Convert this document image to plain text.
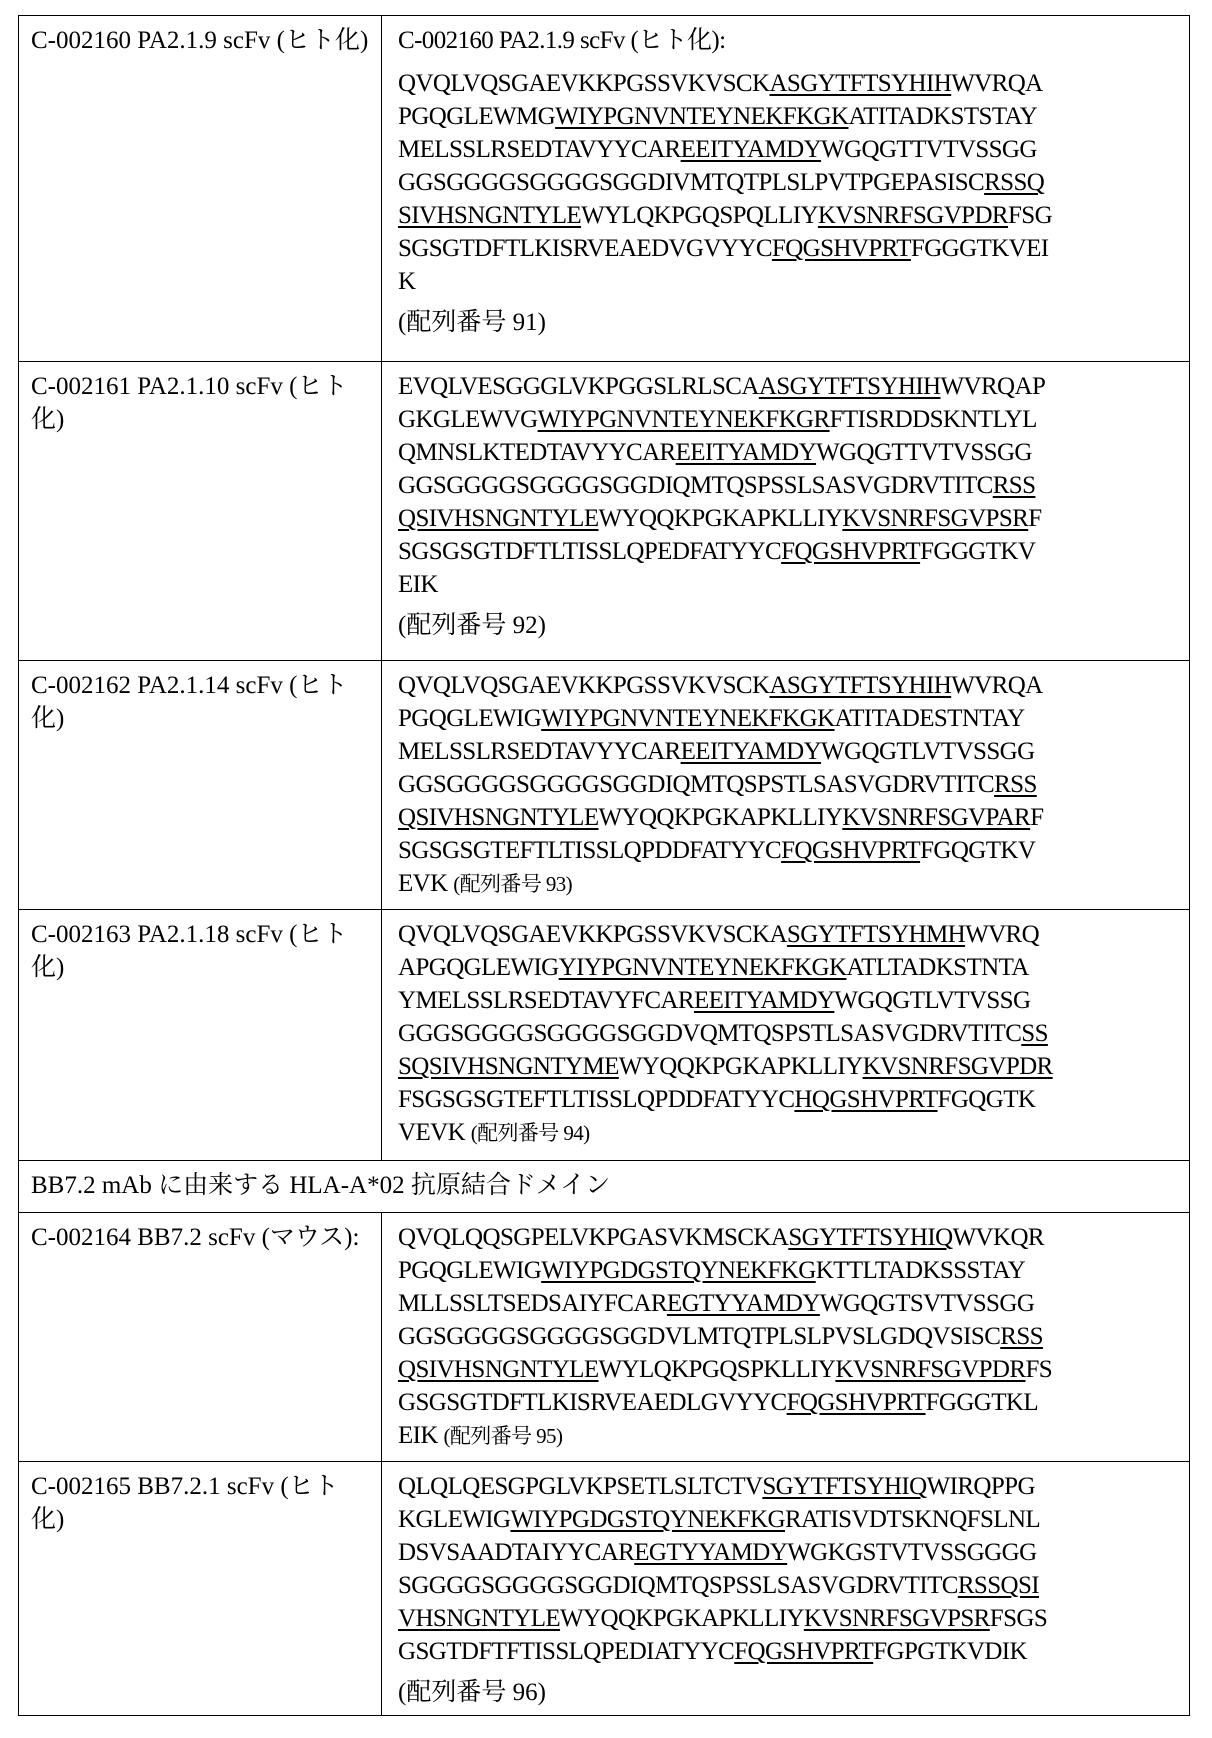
C-002160 PA2.1.9 scFv (ヒト化)	C-002160 PA2.1.9 scFv (ヒト化):
QVQLVQSGAEVKKPGSSVKVSCKASGYTFTSYHIHWVRQA
PGQGLEWMGWIYPGNVNTEYNEKFKGKATITADKSTSTAY
MELSSLRSEDTAVYYCAREEITYAMDYWGQGTTVTVSSGG
GGSGGGGSGGGGSGGDIVMTQTPLSLPVTPGEPASISCRSSQ
SIVHSNGNTYLEWYLQKPGQSPQLLIYKVSNRFSGVPDRFSG
SGSGTDFTLKISRVEAEDVGVYYCFQGSHVPRTFGGGTKVEI
K
(配列番号 91)

C-002161 PA2.1.10 scFv (ヒト化)	
EVQLVESGGGLVKPGGSLRLSCAASGYTFTSYHIHWVRQAP
GKGLEWVGWIYPGNVNTEYNEKFKGRFTISRDDSKNTLYL
QMNSLKTEDTAVYYCAREEITYAMDYWGQGTTVTVSSGG
GGSGGGGSGGGGSGGDIQMTQSPSSLSASVGDRVTITCRSS
QSIVHSNGNTYLEWYQQKPGKAPKLLIYKVSNRFSGVPSRF
SGSGSGTDFTLTISSLQPEDFATYYCFQGSHVPRTFGGGTKV
EIK
(配列番号 92)

C-002162 PA2.1.14 scFv (ヒト化)	
QVQLVQSGAEVKKPGSSVKVSCKASGYTFTSYHIHWVRQA
PGQGLEWIGWIYPGNVNTEYNEKFKGKATITADESTNTAY
MELSSLRSEDTAVYYCAREEITYAMDYWGQGTLVTVSSGG
GGSGGGGSGGGGSGGDIQMTQSPSTLSASVGDRVTITCRSS
QSIVHSNGNTYLEWYQQKPGKAPKLLIYKVSNRFSGVPARF
SGSGSGTEFTLTISSLQPDDFATYYCFQGSHVPRTFGQGTKV
EVK (配列番号 93)

C-002163 PA2.1.18 scFv (ヒト化)	
QVQLVQSGAEVKKPGSSVKVSCKASGYTFTSYHMHWVRQ
APGQGLEWIGYIYPGNVNTEYNEKFKGKATLTADKSTNTA
YMELSSLRSEDTAVYFCAREEITYAMDYWGQGTLVTVSSG
GGGSGGGGSGGGGSGGDVQMTQSPSTLSASVGDRVTITCSS
SQSIVHSNGNTYMEWYQQKPGKAPKLLIYKVSNRFSGVPDR
FSGSGSGTEFTLTISSLQPDDFATYYCHQGSHVPRTFGQGTK
VEVK (配列番号 94)

BB7.2 mAb に由来する HLA-A*02 抗原結合ドメイン
C-002164 BB7.2 scFv (マウス):	QVQLQQSGPELVKPGASVKMSCKASGYTFTSYHIQWVKQR
PGQGLEWIGWIYPGDGSTQYNEKFKGKTTLTADKSSSTAY
MLLSSLTSEDSAIYFCAREGTYYAMDYWGQGTSVTVSSGG
GGSGGGGSGGGGSGGDVLMTQTPLSLPVSLGDQVSISCRSS
QSIVHSNGNTYLEWYLQKPGQSPKLLIYKVSNRFSGVPDRFS
GSGSGTDFTLKISRVEAEDLGVYYCFQGSHVPRTFGGGTKL
EIK (配列番号 95)

C-002165 BB7.2.1 scFv (ヒト化)	
QLQLQESGPGLVKPSETLSLTCTVSGYTFTSYHIQWIRQPPG
KGLEWIGWIYPGDGSTQYNEKFKGRATISVDTSKNQFSLNL
DSVSAADTAIYYCAREGTYYAMDYWGKGSTVTVSSGGGG
SGGGGSGGGGSGGDIQMTQSPSSLSASVGDRVTITCRSSQSI
VHSNGNTYLEWYQQKPGKAPKLLIYKVSNRFSGVPSRFSGS
GSGTDFTFTISSLQPEDIATYYCFQGSHVPRTFGPGTKVDIK
(配列番号 96)
